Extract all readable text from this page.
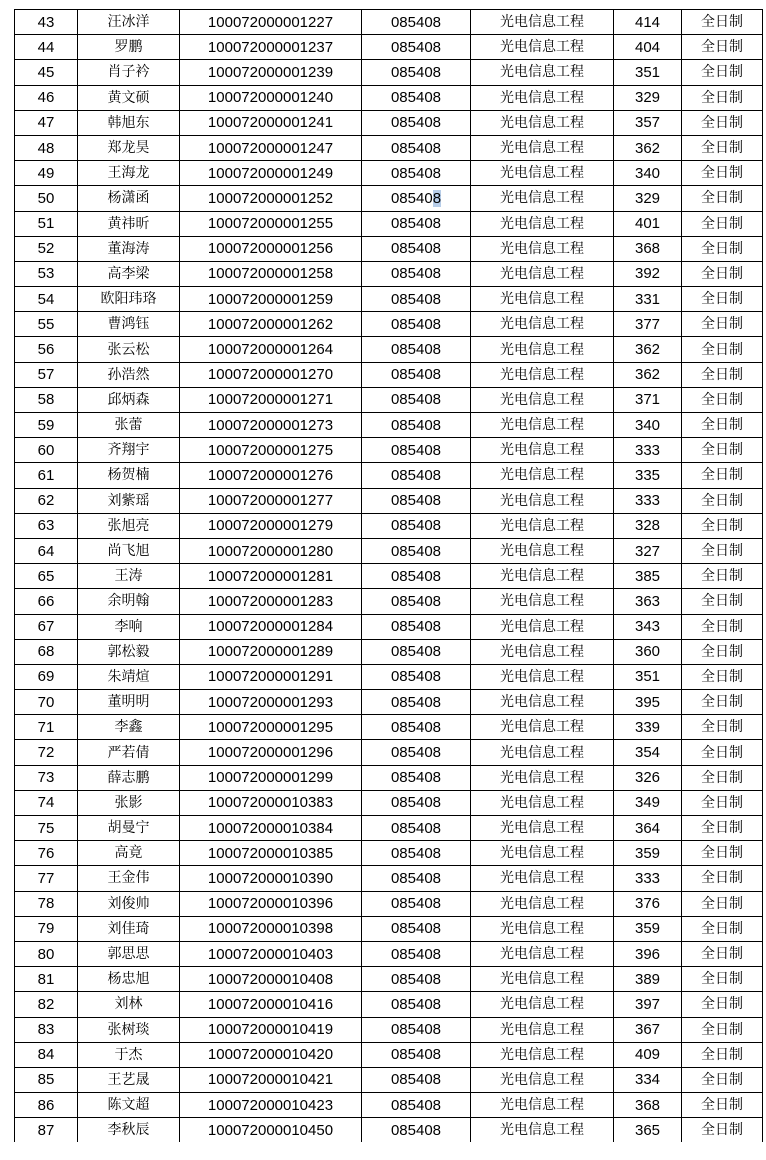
43	汪冰洋	100072000001227	085408	光电信息工程	414	全日制
44	罗鹏	100072000001237	085408	光电信息工程	404	全日制
45	肖子衿	100072000001239	085408	光电信息工程	351	全日制
46	黄文硕	100072000001240	085408	光电信息工程	329	全日制
47	韩旭东	100072000001241	085408	光电信息工程	357	全日制
48	郑龙昊	100072000001247	085408	光电信息工程	362	全日制
49	王海龙	100072000001249	085408	光电信息工程	340	全日制
50	杨潇函	100072000001252	085408	光电信息工程	329	全日制
51	黄祎昕	100072000001255	085408	光电信息工程	401	全日制
52	董海涛	100072000001256	085408	光电信息工程	368	全日制
53	高李梁	100072000001258	085408	光电信息工程	392	全日制
54	欧阳玮珞	100072000001259	085408	光电信息工程	331	全日制
55	曹鸿钰	100072000001262	085408	光电信息工程	377	全日制
56	张云松	100072000001264	085408	光电信息工程	362	全日制
57	孙浩然	100072000001270	085408	光电信息工程	362	全日制
58	邱炳森	100072000001271	085408	光电信息工程	371	全日制
59	张蕾	100072000001273	085408	光电信息工程	340	全日制
60	齐翔宇	100072000001275	085408	光电信息工程	333	全日制
61	杨贺楠	100072000001276	085408	光电信息工程	335	全日制
62	刘紫瑶	100072000001277	085408	光电信息工程	333	全日制
63	张旭亮	100072000001279	085408	光电信息工程	328	全日制
64	尚飞旭	100072000001280	085408	光电信息工程	327	全日制
65	王涛	100072000001281	085408	光电信息工程	385	全日制
66	余明翰	100072000001283	085408	光电信息工程	363	全日制
67	李响	100072000001284	085408	光电信息工程	343	全日制
68	郭松毅	100072000001289	085408	光电信息工程	360	全日制
69	朱靖煊	100072000001291	085408	光电信息工程	351	全日制
70	董明明	100072000001293	085408	光电信息工程	395	全日制
71	李鑫	100072000001295	085408	光电信息工程	339	全日制
72	严若倩	100072000001296	085408	光电信息工程	354	全日制
73	薛志鹏	100072000001299	085408	光电信息工程	326	全日制
74	张影	100072000010383	085408	光电信息工程	349	全日制
75	胡曼宁	100072000010384	085408	光电信息工程	364	全日制
76	高竟	100072000010385	085408	光电信息工程	359	全日制
77	王金伟	100072000010390	085408	光电信息工程	333	全日制
78	刘俊帅	100072000010396	085408	光电信息工程	376	全日制
79	刘佳琦	100072000010398	085408	光电信息工程	359	全日制
80	郭思思	100072000010403	085408	光电信息工程	396	全日制
81	杨忠旭	100072000010408	085408	光电信息工程	389	全日制
82	刘林	100072000010416	085408	光电信息工程	397	全日制
83	张树琰	100072000010419	085408	光电信息工程	367	全日制
84	于杰	100072000010420	085408	光电信息工程	409	全日制
85	王艺晟	100072000010421	085408	光电信息工程	334	全日制
86	陈文超	100072000010423	085408	光电信息工程	368	全日制
87	李秋辰	100072000010450	085408	光电信息工程	365	全日制
